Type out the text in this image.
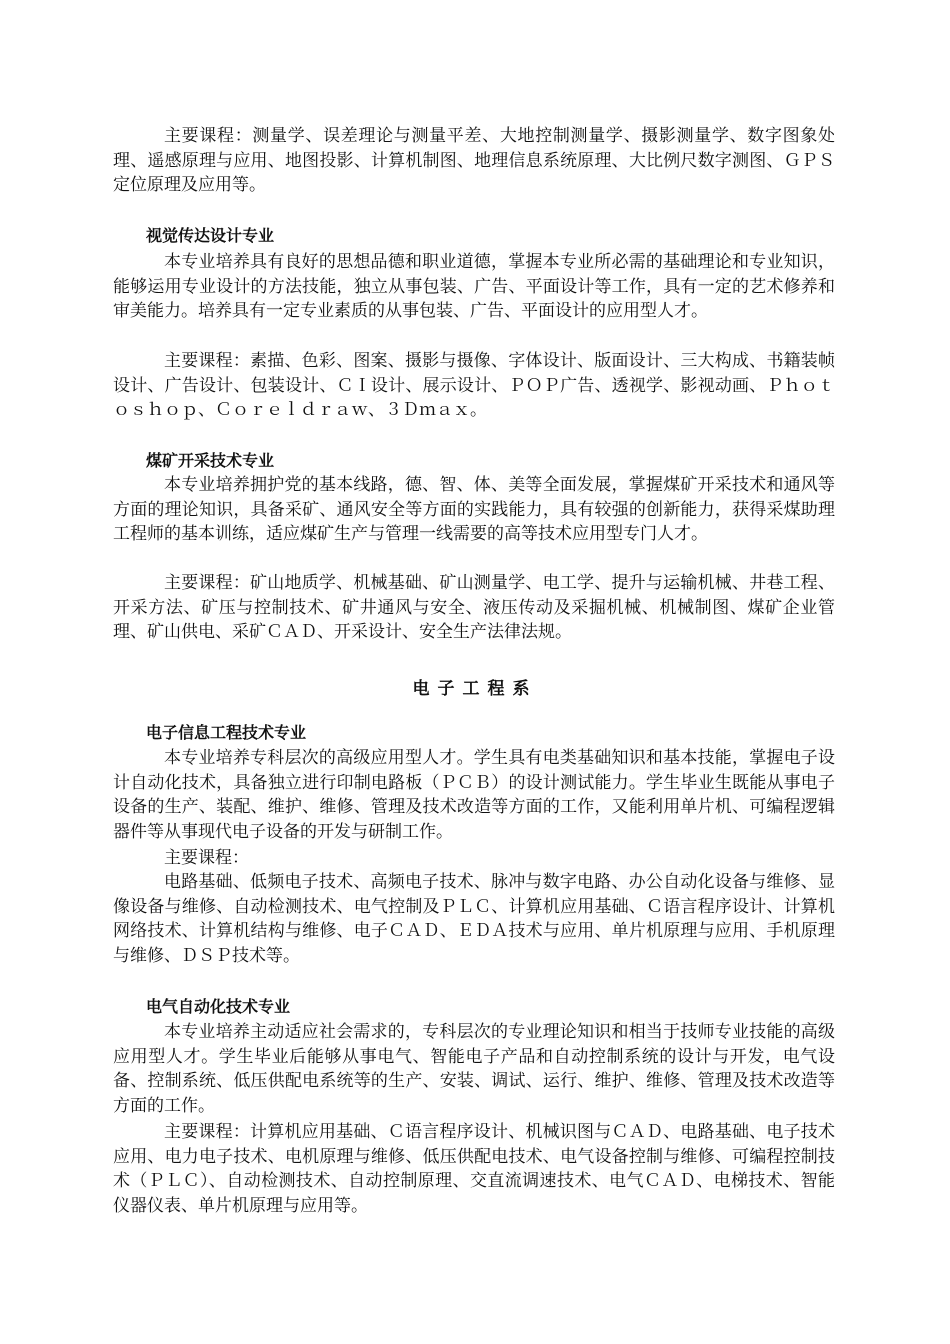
主要课程：测量学、误差理论与测量平差、大地控制测量学、摄影测量学、数字图象处理、遥感原理与应用、地图投影、计算机制图、地理信息系统原理、大比例尺数字测图、ＧＰＳ定位原理及应用等。

视觉传达设计专业

本专业培养具有良好的思想品德和职业道德，掌握本专业所必需的基础理论和专业知识，能够运用专业设计的方法技能，独立从事包装、广告、平面设计等工作，具有一定的艺术修养和审美能力。培养具有一定专业素质的从事包装、广告、平面设计的应用型人才。

主要课程：素描、色彩、图案、摄影与摄像、字体设计、版面设计、三大构成、书籍装帧设计、广告设计、包装设计、ＣＩ设计、展示设计、ＰＯＰ广告、透视学、影视动画、Ｐｈｏｔｏｓｈｏｐ、Ｃｏｒｅｌｄｒａｗ、３Ｄｍａｘ。

煤矿开采技术专业

本专业培养拥护党的基本线路，德、智、体、美等全面发展，掌握煤矿开采技术和通风等方面的理论知识，具备采矿、通风安全等方面的实践能力，具有较强的创新能力，获得采煤助理工程师的基本训练，适应煤矿生产与管理一线需要的高等技术应用型专门人才。

主要课程：矿山地质学、机械基础、矿山测量学、电工学、提升与运输机械、井巷工程、开采方法、矿压与控制技术、矿井通风与安全、液压传动及采掘机械、机械制图、煤矿企业管理、矿山供电、采矿ＣＡＤ、开采设计、安全生产法律法规。

电子工程系
电子信息工程技术专业

本专业培养专科层次的高级应用型人才。学生具有电类基础知识和基本技能，掌握电子设计自动化技术，具备独立进行印制电路板（ＰＣＢ）的设计测试能力。学生毕业生既能从事电子设备的生产、装配、维护、维修、管理及技术改造等方面的工作，又能利用单片机、可编程逻辑器件等从事现代电子设备的开发与研制工作。

主要课程：

电路基础、低频电子技术、高频电子技术、脉冲与数字电路、办公自动化设备与维修、显像设备与维修、自动检测技术、电气控制及ＰＬＣ、计算机应用基础、Ｃ语言程序设计、计算机网络技术、计算机结构与维修、电子ＣＡＤ、ＥＤＡ技术与应用、单片机原理与应用、手机原理与维修、ＤＳＰ技术等。

电气自动化技术专业

本专业培养主动适应社会需求的，专科层次的专业理论知识和相当于技师专业技能的高级应用型人才。学生毕业后能够从事电气、智能电子产品和自动控制系统的设计与开发，电气设备、控制系统、低压供配电系统等的生产、安装、调试、运行、维护、维修、管理及技术改造等方面的工作。

主要课程：计算机应用基础、Ｃ语言程序设计、机械识图与ＣＡＤ、电路基础、电子技术应用、电力电子技术、电机原理与维修、低压供配电技术、电气设备控制与维修、可编程控制技术（ＰＬＣ）、自动检测技术、自动控制原理、交直流调速技术、电气ＣＡＤ、电梯技术、智能仪器仪表、单片机原理与应用等。
